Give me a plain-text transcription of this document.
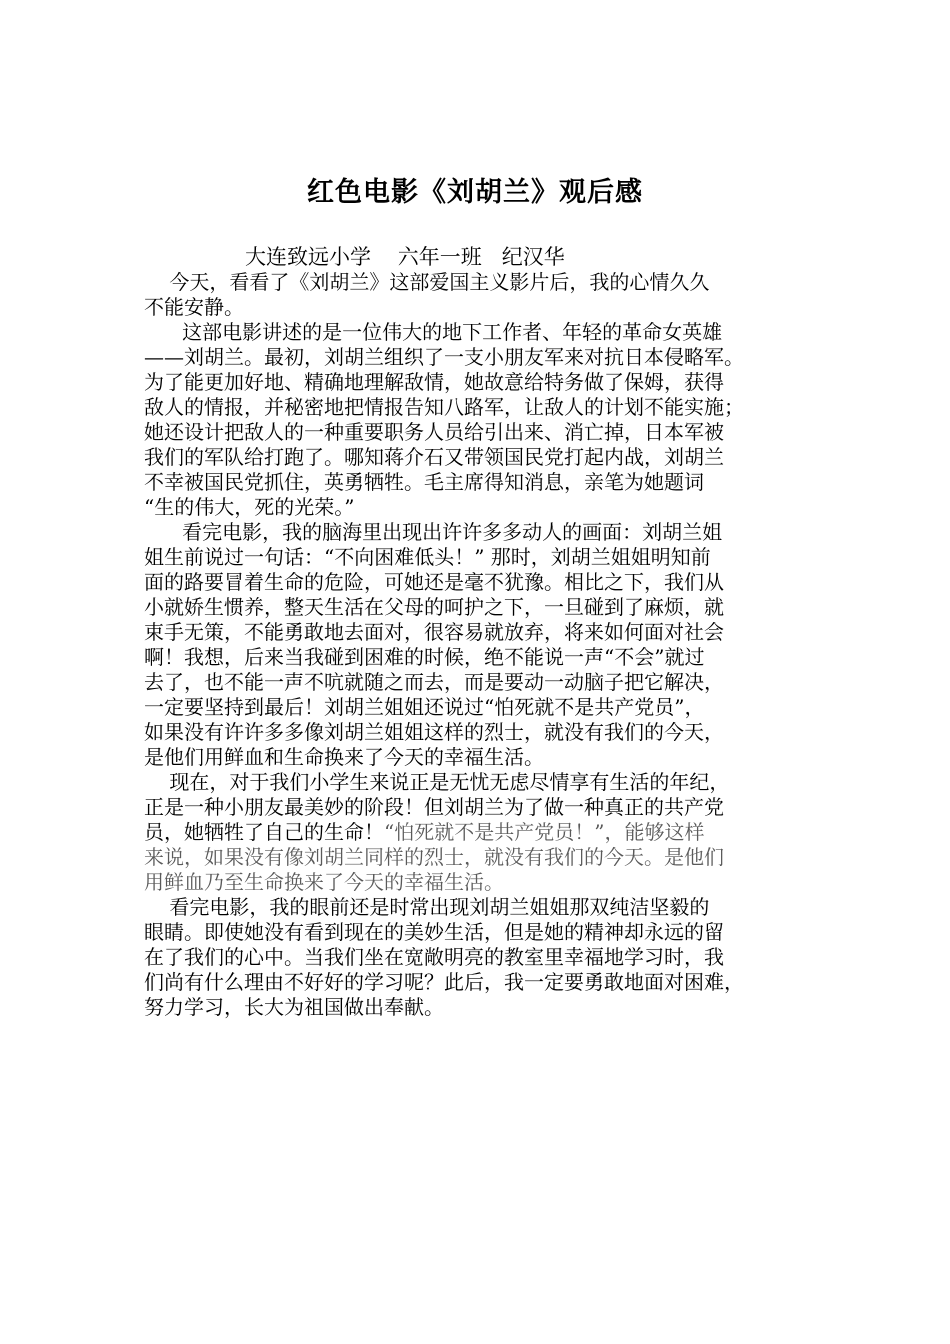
红色电影《刘胡兰》观后感
大连致远小学    六年一班   纪汉华
今天，看看了《刘胡兰》这部爱国主义影片后，我的心情久久
不能安静。
这部电影讲述的是一位伟大的地下工作者、年轻的革命女英雄
——刘胡兰。最初，刘胡兰组织了一支小朋友军来对抗日本侵略军。
为了能更加好地、精确地理解敌情，她故意给特务做了保姆，获得
敌人的情报，并秘密地把情报告知八路军，让敌人的计划不能实施；
她还设计把敌人的一种重要职务人员给引出来、消亡掉，日本军被
我们的军队给打跑了。哪知蒋介石又带领国民党打起内战，刘胡兰
不幸被国民党抓住，英勇牺牲。毛主席得知消息，亲笔为她题词
“生的伟大，死的光荣。”
看完电影，我的脑海里出现出许许多多动人的画面：刘胡兰姐
姐生前说过一句话：“不向困难低头！” 那时，刘胡兰姐姐明知前
面的路要冒着生命的危险，可她还是毫不犹豫。相比之下，我们从
小就娇生惯养，整天生活在父母的呵护之下，一旦碰到了麻烦，就
束手无策，不能勇敢地去面对，很容易就放弃，将来如何面对社会
啊！我想，后来当我碰到困难的时候，绝不能说一声“不会”就过
去了，也不能一声不吭就随之而去，而是要动一动脑子把它解决，
一定要坚持到最后！刘胡兰姐姐还说过“怕死就不是共产党员”，
如果没有许许多多像刘胡兰姐姐这样的烈士，就没有我们的今天，
是他们用鲜血和生命换来了今天的幸福生活。
现在，对于我们小学生来说正是无忧无虑尽情享有生活的年纪，
正是一种小朋友最美妙的阶段！但刘胡兰为了做一种真正的共产党
员，她牺牲了自己的生命！“怕死就不是共产党员！”，能够这样
来说，如果没有像刘胡兰同样的烈士，就没有我们的今天。是他们
用鲜血乃至生命换来了今天的幸福生活。
看完电影，我的眼前还是时常出现刘胡兰姐姐那双纯洁坚毅的
眼睛。即使她没有看到现在的美妙生活，但是她的精神却永远的留
在了我们的心中。当我们坐在宽敞明亮的教室里幸福地学习时，我
们尚有什么理由不好好的学习呢？此后，我一定要勇敢地面对困难，
努力学习，长大为祖国做出奉献。
